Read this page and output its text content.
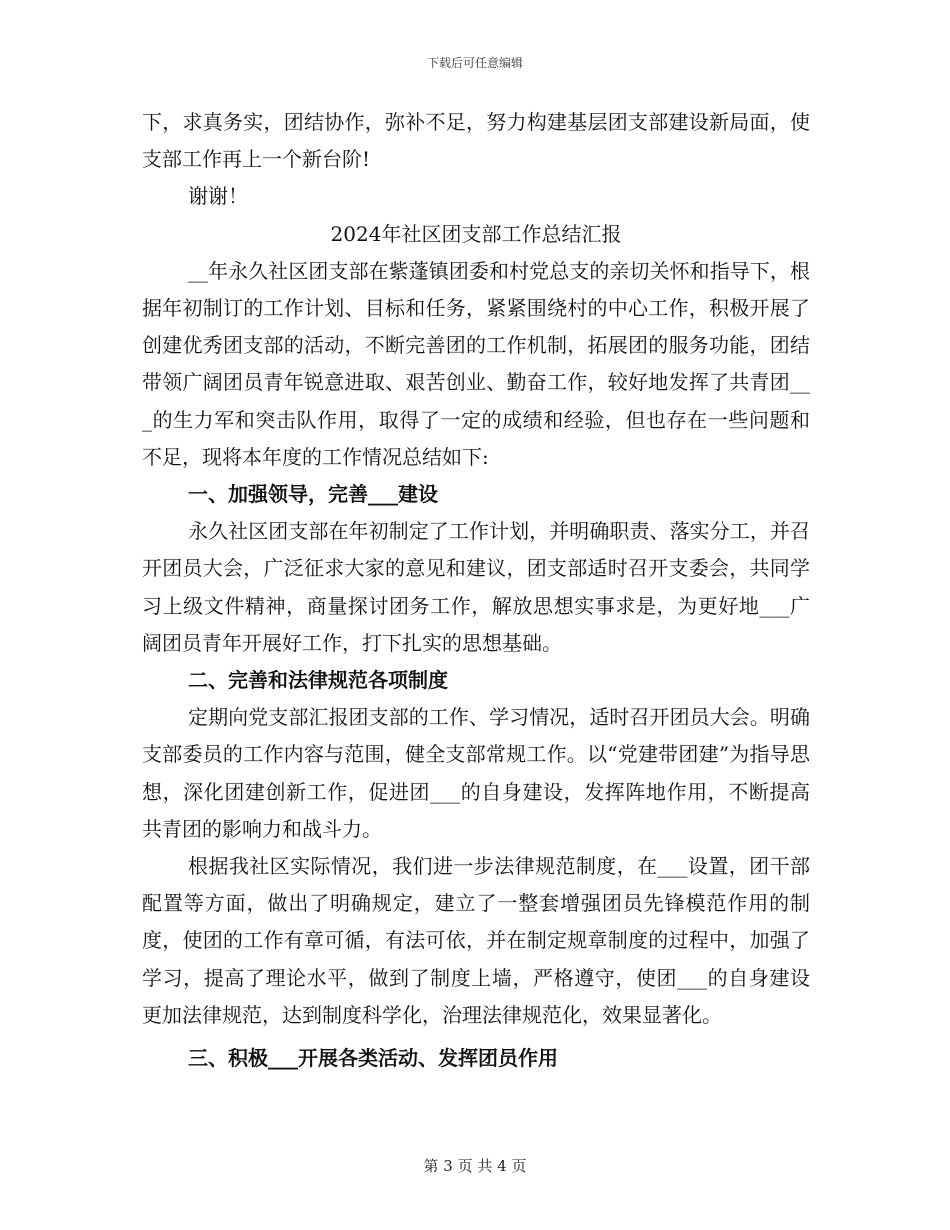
下载后可任意编辑

下，求真务实，团结协作，弥补不足，努力构建基层团支部建设新局面，使支部工作再上一个新台阶!

谢谢！

2024年社区团支部工作总结汇报

__年永久社区团支部在紫蓬镇团委和村党总支的亲切关怀和指导下，根据年初制订的工作计划、目标和任务，紧紧围绕村的中心工作，积极开展了创建优秀团支部的活动，不断完善团的工作机制，拓展团的服务功能，团结带领广阔团员青年锐意进取、艰苦创业、勤奋工作，较好地发挥了共青团___的生力军和突击队作用，取得了一定的成绩和经验，但也存在一些问题和不足，现将本年度的工作情况总结如下:

一、加强领导，完善___建设

永久社区团支部在年初制定了工作计划，并明确职责、落实分工，并召开团员大会，广泛征求大家的意见和建议，团支部适时召开支委会，共同学习上级文件精神，商量探讨团务工作，解放思想实事求是，为更好地___广阔团员青年开展好工作，打下扎实的思想基础。

二、完善和法律规范各项制度

定期向党支部汇报团支部的工作、学习情况，适时召开团员大会。明确支部委员的工作内容与范围，健全支部常规工作。以“党建带团建”为指导思想，深化团建创新工作，促进团___的自身建设，发挥阵地作用，不断提高共青团的影响力和战斗力。

根据我社区实际情况，我们进一步法律规范制度，在___设置，团干部配置等方面，做出了明确规定，建立了一整套增强团员先锋模范作用的制度，使团的工作有章可循，有法可依，并在制定规章制度的过程中，加强了学习，提高了理论水平，做到了制度上墙，严格遵守，使团___的自身建设更加法律规范，达到制度科学化，治理法律规范化，效果显著化。

三、积极___开展各类活动、发挥团员作用

第 3 页 共 4 页
